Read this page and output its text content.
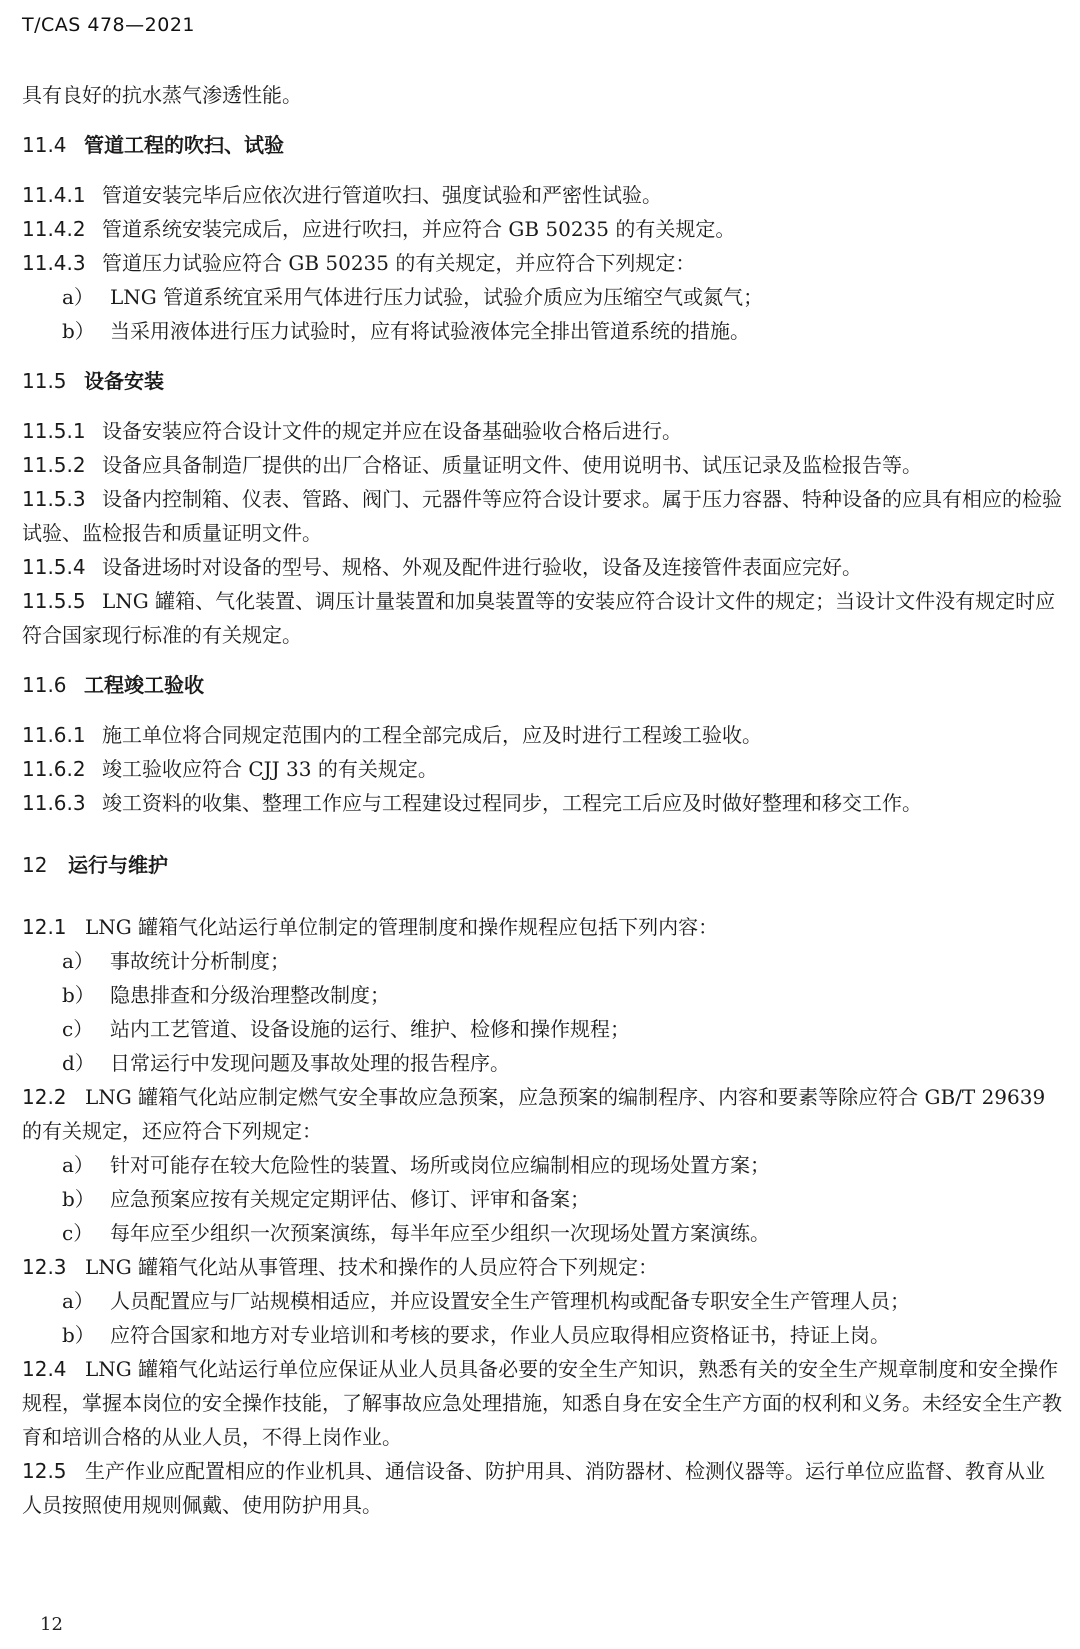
T/CAS 478—2021
具有良好的抗水蒸气渗透性能。
11.4 管道工程的吹扫、试验
11.4.1 管道安装完毕后应依次进行管道吹扫、强度试验和严密性试验。
11.4.2 管道系统安装完成后，应进行吹扫，并应符合 GB 50235 的有关规定。
11.4.3 管道压力试验应符合 GB 50235 的有关规定，并应符合下列规定：
a） LNG 管道系统宜采用气体进行压力试验，试验介质应为压缩空气或氮气；
b） 当采用液体进行压力试验时，应有将试验液体完全排出管道系统的措施。
11.5 设备安装
11.5.1 设备安装应符合设计文件的规定并应在设备基础验收合格后进行。
11.5.2 设备应具备制造厂提供的出厂合格证、质量证明文件、使用说明书、试压记录及监检报告等。
11.5.3 设备内控制箱、仪表、管路、阀门、元器件等应符合设计要求。属于压力容器、特种设备的应具有相应的检验试验、监检报告和质量证明文件。
11.5.4 设备进场时对设备的型号、规格、外观及配件进行验收，设备及连接管件表面应完好。
11.5.5 LNG 罐箱、气化装置、调压计量装置和加臭装置等的安装应符合设计文件的规定；当设计文件没有规定时应符合国家现行标准的有关规定。
11.6 工程竣工验收
11.6.1 施工单位将合同规定范围内的工程全部完成后，应及时进行工程竣工验收。
11.6.2 竣工验收应符合 CJJ 33 的有关规定。
11.6.3 竣工资料的收集、整理工作应与工程建设过程同步，工程完工后应及时做好整理和移交工作。
12 运行与维护
12.1 LNG 罐箱气化站运行单位制定的管理制度和操作规程应包括下列内容：
a） 事故统计分析制度；
b） 隐患排查和分级治理整改制度；
c） 站内工艺管道、设备设施的运行、维护、检修和操作规程；
d） 日常运行中发现问题及事故处理的报告程序。
12.2 LNG 罐箱气化站应制定燃气安全事故应急预案，应急预案的编制程序、内容和要素等除应符合 GB/T 29639 的有关规定，还应符合下列规定：
a） 针对可能存在较大危险性的装置、场所或岗位应编制相应的现场处置方案；
b） 应急预案应按有关规定定期评估、修订、评审和备案；
c） 每年应至少组织一次预案演练，每半年应至少组织一次现场处置方案演练。
12.3 LNG 罐箱气化站从事管理、技术和操作的人员应符合下列规定：
a） 人员配置应与厂站规模相适应，并应设置安全生产管理机构或配备专职安全生产管理人员；
b） 应符合国家和地方对专业培训和考核的要求，作业人员应取得相应资格证书，持证上岗。
12.4 LNG 罐箱气化站运行单位应保证从业人员具备必要的安全生产知识，熟悉有关的安全生产规章制度和安全操作规程，掌握本岗位的安全操作技能，了解事故应急处理措施，知悉自身在安全生产方面的权利和义务。未经安全生产教育和培训合格的从业人员，不得上岗作业。
12.5 生产作业应配置相应的作业机具、通信设备、防护用具、消防器材、检测仪器等。运行单位应监督、教育从业人员按照使用规则佩戴、使用防护用具。
12
